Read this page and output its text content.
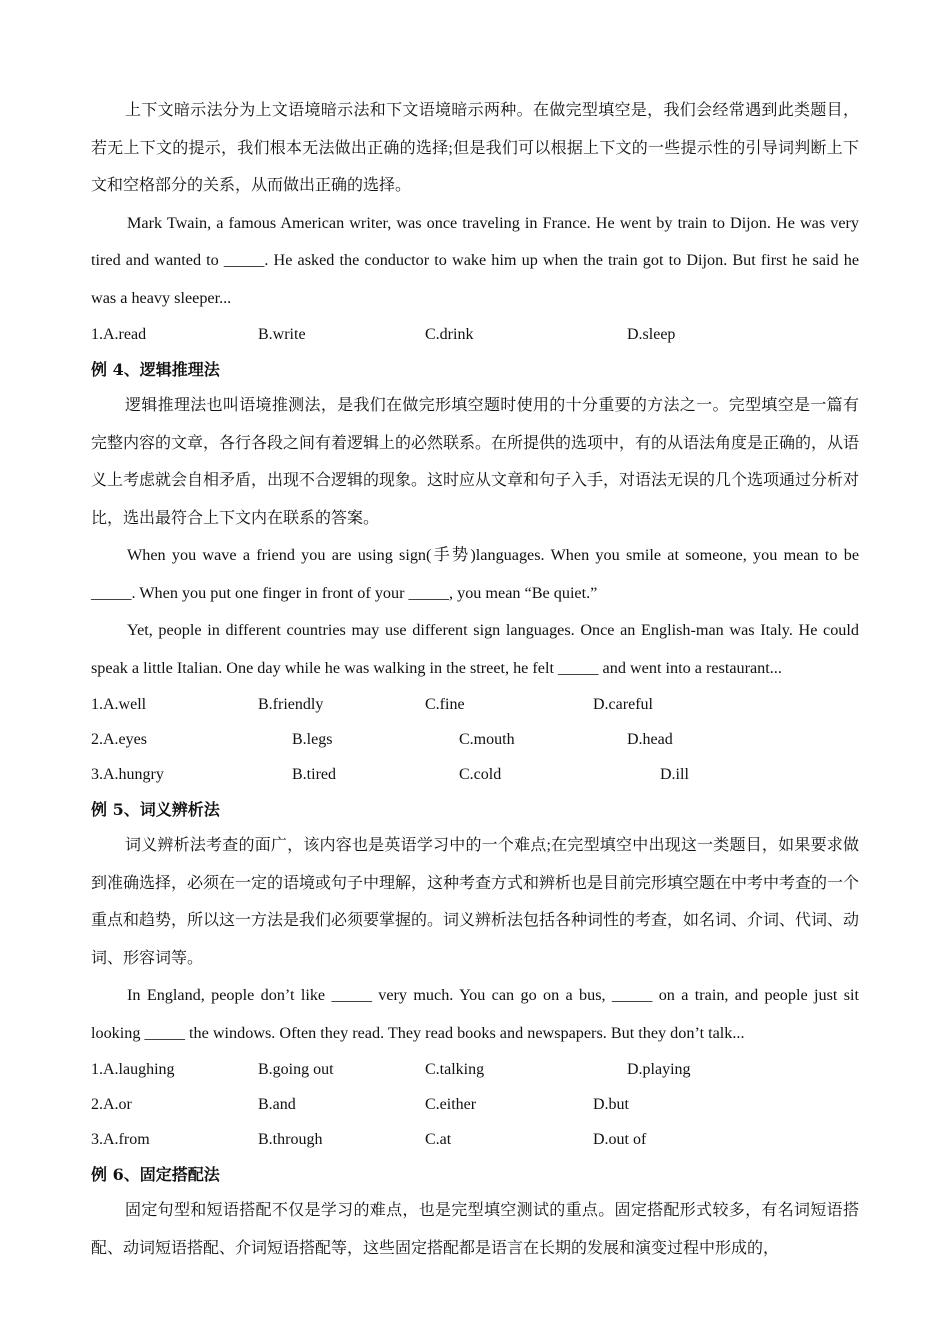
上下文暗示法分为上文语境暗示法和下文语境暗示两种。在做完型填空是，我们会经常遇到此类题目，若无上下文的提示，我们根本无法做出正确的选择;但是我们可以根据上下文的一些提示性的引导词判断上下文和空格部分的关系，从而做出正确的选择。

Mark Twain, a famous American writer, was once traveling in France. He went by train to Dijon. He was very tired and wanted to _____. He asked the conductor to wake him up when the train got to Dijon. But first he said he was a heavy sleeper...

1.A.read	B.write	C.drink	D.sleep
例 4、逻辑推理法

逻辑推理法也叫语境推测法，是我们在做完形填空题时使用的十分重要的方法之一。完型填空是一篇有完整内容的文章，各行各段之间有着逻辑上的必然联系。在所提供的选项中，有的从语法角度是正确的，从语义上考虑就会自相矛盾，出现不合逻辑的现象。这时应从文章和句子入手，对语法无误的几个选项通过分析对比，选出最符合上下文内在联系的答案。

When you wave a friend you are using sign(手势)languages. When you smile at someone, you mean to be _____. When you put one finger in front of your _____, you mean “Be quiet.”

Yet, people in different countries may use different sign languages. Once an English-man was Italy. He could speak a little Italian. One day while he was walking in the street, he felt _____ and went into a restaurant...

1.A.well	B.friendly	C.fine	D.careful
2.A.eyes	B.legs	C.mouth	D.head
3.A.hungry	B.tired	C.cold	D.ill
例 5、词义辨析法

词义辨析法考查的面广，该内容也是英语学习中的一个难点;在完型填空中出现这一类题目，如果要求做到准确选择，必须在一定的语境或句子中理解，这种考查方式和辨析也是目前完形填空题在中考中考查的一个重点和趋势，所以这一方法是我们必须要掌握的。词义辨析法包括各种词性的考查，如名词、介词、代词、动词、形容词等。

In England, people don’t like _____ very much. You can go on a bus, _____ on a train, and people just sit looking _____ the windows. Often they read. They read books and newspapers. But they don’t talk...

1.A.laughing	B.going out	C.talking	D.playing
2.A.or	B.and	C.either	D.but
3.A.from	B.through	C.at	D.out of
例 6、固定搭配法

固定句型和短语搭配不仅是学习的难点，也是完型填空测试的重点。固定搭配形式较多，有名词短语搭配、动词短语搭配、介词短语搭配等，这些固定搭配都是语言在长期的发展和演变过程中形成的，
